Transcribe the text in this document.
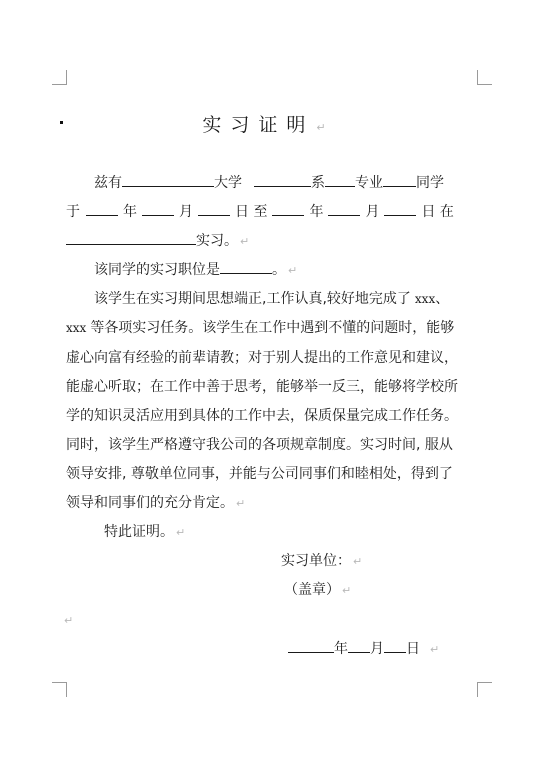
实习证明 ↵
兹有	大学	系 专业 同学
于	年	月	日 至	年	月	日 在
实习。 ↵
该同学的实习职位是	。 ↵
该学生在实习期间思想端正,工作认真,较好地完成了 xxx、
xxx 等各项实习任务。该学生在工作中遇到不懂的问题时，能够
虚心向富有经验的前辈请教；对于别人提出的工作意见和建议，
能虚心听取；在工作中善于思考，能够举一反三，能够将学校所
学的知识灵活应用到具体的工作中去，保质保量完成工作任务。
同时，该学生严格遵守我公司的各项规章制度。实习时间, 服从
领导安排, 尊敬单位同事，并能与公司同事们和睦相处，得到了
领导和同事们的充分肯定。 ↵
特此证明。 ↵
实习单位： ↵
（盖章） ↵
↵
年 月 日 ↵
